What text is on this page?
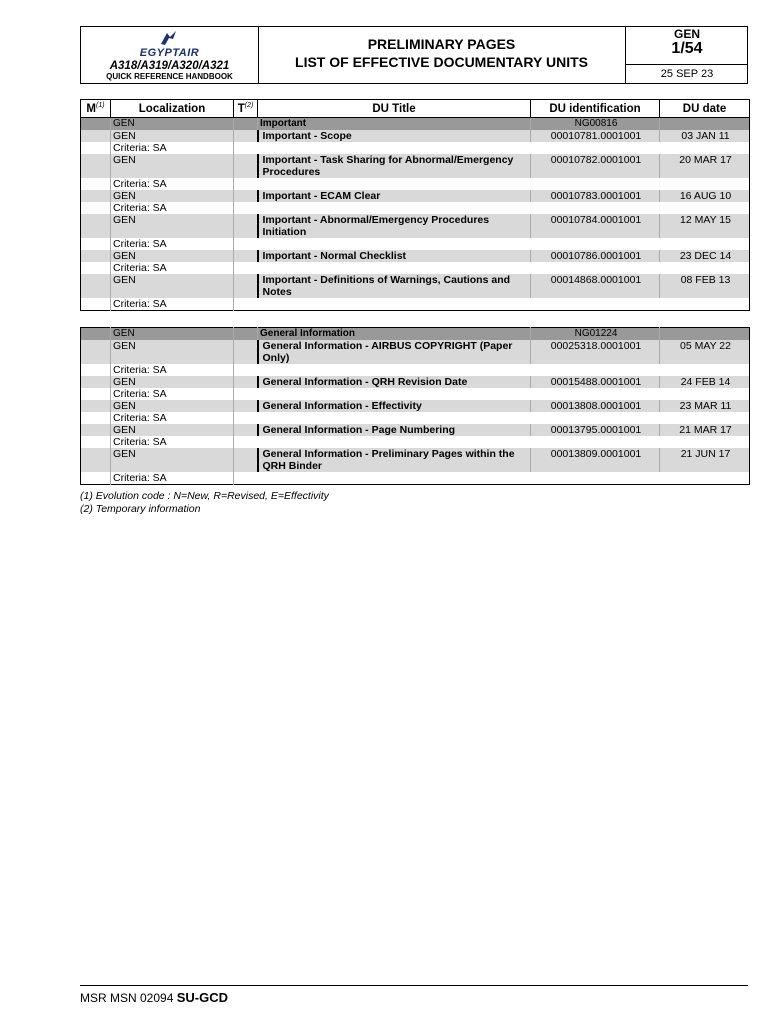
EGYPTAIR
A318/A319/A320/A321
QUICK REFERENCE HANDBOOK
PRELIMINARY PAGES
LIST OF EFFECTIVE DOCUMENTARY UNITS
GEN
1/54
25 SEP 23
$M^{(1)}$	Localization	$T^{(2)}$	DU Title	DU identification	DU date
	GEN		Important	NG00816	
	GEN		Important - Scope	00010781.0001001	03 JAN 11
	Criteria: SA				
	GEN		Important - Task Sharing for Abnormal/Emergency Procedures	00010782.0001001	20 MAR 17
	Criteria: SA				
	GEN		Important - ECAM Clear	00010783.0001001	16 AUG 10
	Criteria: SA				
	GEN		Important - Abnormal/Emergency Procedures Initiation	00010784.0001001	12 MAY 15
	Criteria: SA				
	GEN		Important - Normal Checklist	00010786.0001001	23 DEC 14
	Criteria: SA				
	GEN		Important - Definitions of Warnings, Cautions and Notes	00014868.0001001	08 FEB 13
	Criteria: SA				
	GEN		General Information	NG01224	
	GEN		General Information - AIRBUS COPYRIGHT (Paper Only)	00025318.0001001	05 MAY 22
	Criteria: SA				
	GEN		General Information - QRH Revision Date	00015488.0001001	24 FEB 14
	Criteria: SA				
	GEN		General Information - Effectivity	00013808.0001001	23 MAR 11
	Criteria: SA				
	GEN		General Information - Page Numbering	00013795.0001001	21 MAR 17
	Criteria: SA				
	GEN		General Information - Preliminary Pages within the QRH Binder	00013809.0001001	21 JUN 17
	Criteria: SA				
(1) Evolution code : N=New, R=Revised, E=Effectivity
(2) Temporary information
MSR MSN 02094 SU-GCD
